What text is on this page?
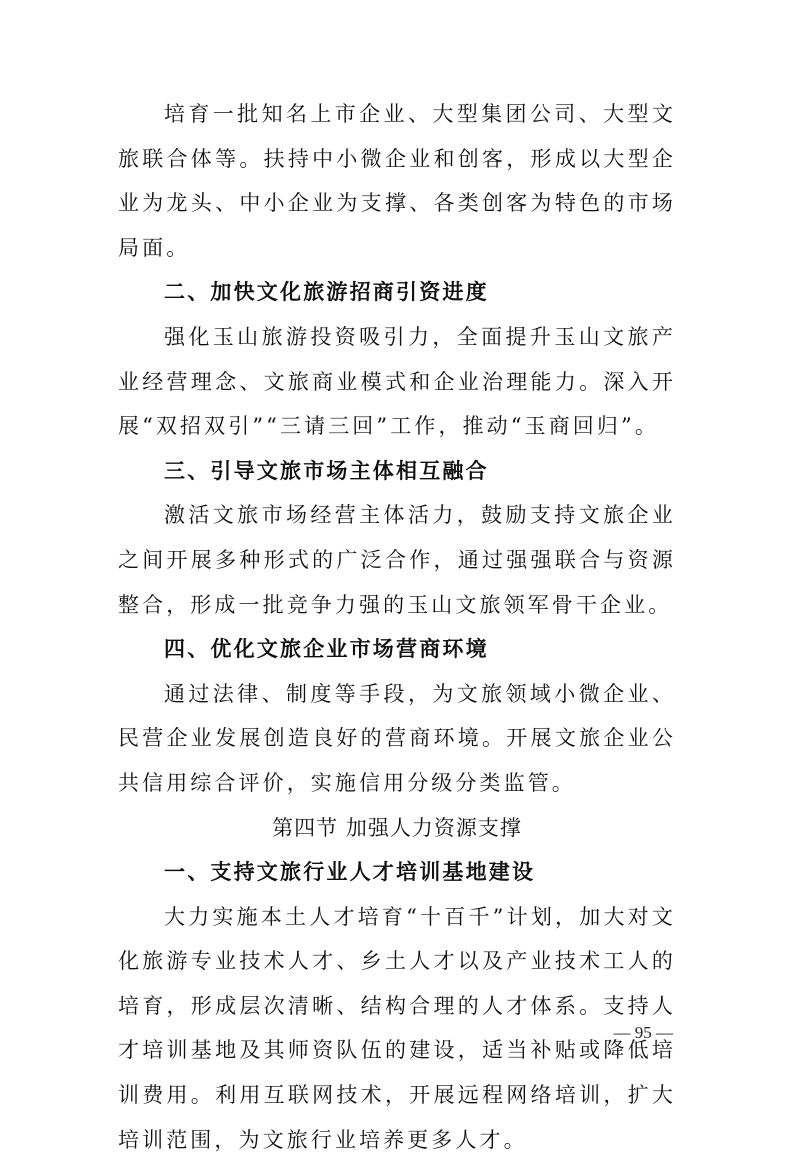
培育一批知名上市企业、大型集团公司、大型文旅联合体等。扶持中小微企业和创客，形成以大型企业为龙头、中小企业为支撑、各类创客为特色的市场局面。

二、加快文化旅游招商引资进度

强化玉山旅游投资吸引力，全面提升玉山文旅产业经营理念、文旅商业模式和企业治理能力。深入开展“双招双引”“三请三回”工作，推动“玉商回归”。

三、引导文旅市场主体相互融合

激活文旅市场经营主体活力，鼓励支持文旅企业之间开展多种形式的广泛合作，通过强强联合与资源整合，形成一批竞争力强的玉山文旅领军骨干企业。

四、优化文旅企业市场营商环境

通过法律、制度等手段，为文旅领域小微企业、民营企业发展创造良好的营商环境。开展文旅企业公共信用综合评价，实施信用分级分类监管。

第四节 加强人力资源支撑

一、支持文旅行业人才培训基地建设

大力实施本土人才培育“十百千”计划，加大对文化旅游专业技术人才、乡土人才以及产业技术工人的培育，形成层次清晰、结构合理的人才体系。支持人才培训基地及其师资队伍的建设，适当补贴或降低培训费用。利用互联网技术，开展远程网络培训，扩大培训范围，为文旅行业培养更多人才。

— 95 —
